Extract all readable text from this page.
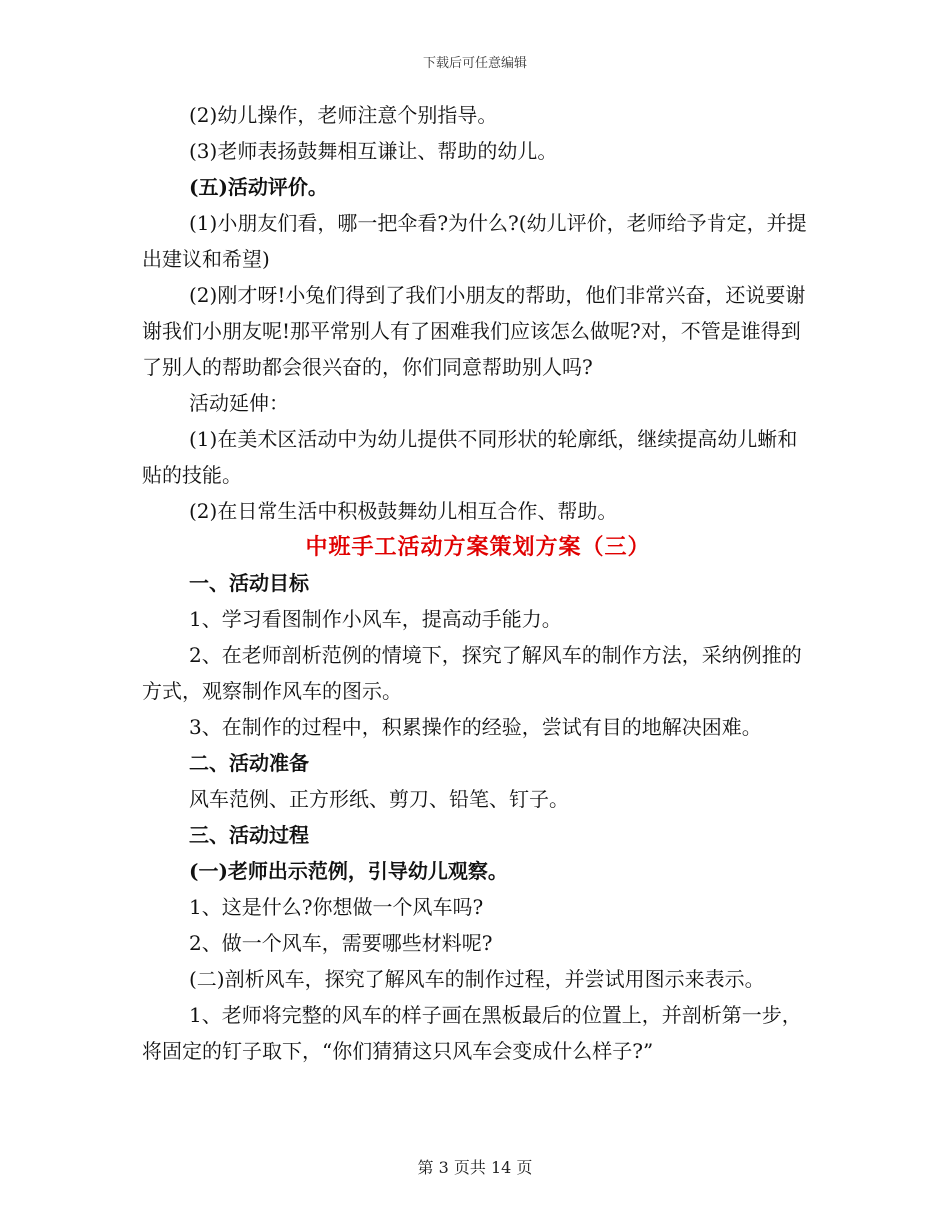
下载后可任意编辑

(2)幼儿操作，老师注意个别指导。

(3)老师表扬鼓舞相互谦让、帮助的幼儿。

(五)活动评价。

(1)小朋友们看，哪一把伞看?为什么?(幼儿评价，老师给予肯定，并提出建议和希望)

(2)刚才呀!小兔们得到了我们小朋友的帮助，他们非常兴奋，还说要谢谢我们小朋友呢!那平常别人有了困难我们应该怎么做呢?对，不管是谁得到了别人的帮助都会很兴奋的，你们同意帮助别人吗?

活动延伸：

(1)在美术区活动中为幼儿提供不同形状的轮廓纸，继续提高幼儿蜥和贴的技能。

(2)在日常生活中积极鼓舞幼儿相互合作、帮助。

中班手工活动方案策划方案（三）

一、活动目标

1、学习看图制作小风车，提高动手能力。

2、在老师剖析范例的情境下，探究了解风车的制作方法，采纳例推的方式，观察制作风车的图示。

3、在制作的过程中，积累操作的经验，尝试有目的地解决困难。

二、活动准备

风车范例、正方形纸、剪刀、铅笔、钉子。

三、活动过程

(一)老师出示范例，引导幼儿观察。

1、这是什么?你想做一个风车吗?

2、做一个风车，需要哪些材料呢?

(二)剖析风车，探究了解风车的制作过程，并尝试用图示来表示。

1、老师将完整的风车的样子画在黑板最后的位置上，并剖析第一步，将固定的钉子取下，“你们猜猜这只风车会变成什么样子?”

第 3 页共 14 页
